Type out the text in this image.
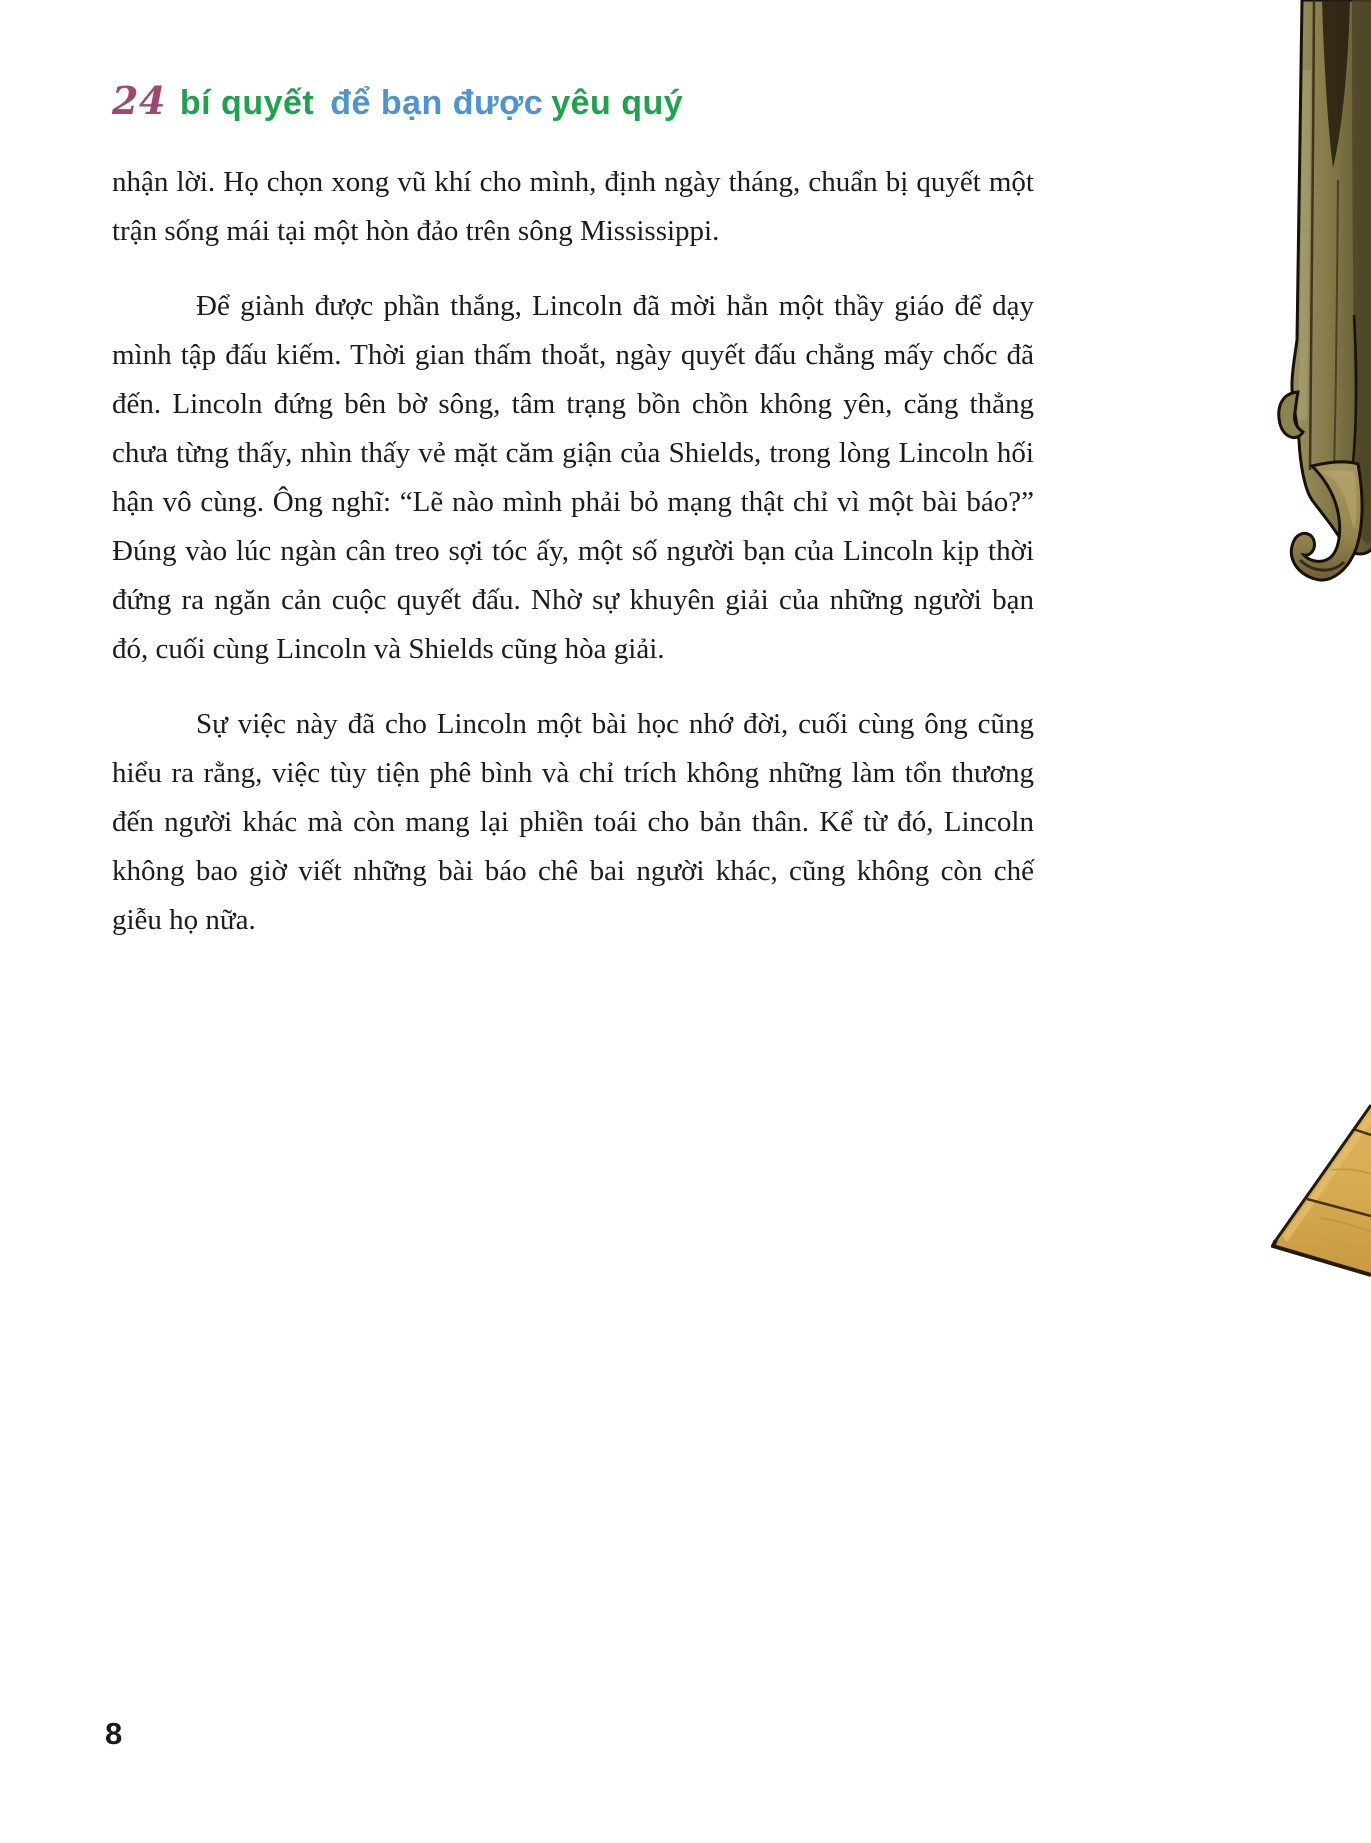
24 bí quyết để bạn được yêu quý

nhận lời. Họ chọn xong vũ khí cho mình, định ngày tháng, chuẩn bị quyết một trận sống mái tại một hòn đảo trên sông Mississippi.

Để giành được phần thắng, Lincoln đã mời hẳn một thầy giáo để dạy mình tập đấu kiếm. Thời gian thấm thoắt, ngày quyết đấu chẳng mấy chốc đã đến. Lincoln đứng bên bờ sông, tâm trạng bồn chồn không yên, căng thẳng chưa từng thấy, nhìn thấy vẻ mặt căm giận của Shields, trong lòng Lincoln hối hận vô cùng. Ông nghĩ: “Lẽ nào mình phải bỏ mạng thật chỉ vì một bài báo?” Đúng vào lúc ngàn cân treo sợi tóc ấy, một số người bạn của Lincoln kịp thời đứng ra ngăn cản cuộc quyết đấu. Nhờ sự khuyên giải của những người bạn đó, cuối cùng Lincoln và Shields cũng hòa giải.

Sự việc này đã cho Lincoln một bài học nhớ đời, cuối cùng ông cũng hiểu ra rằng, việc tùy tiện phê bình và chỉ trích không những làm tổn thương đến người khác mà còn mang lại phiền toái cho bản thân. Kể từ đó, Lincoln không bao giờ viết những bài báo chê bai người khác, cũng không còn chế giễu họ nữa.

8
